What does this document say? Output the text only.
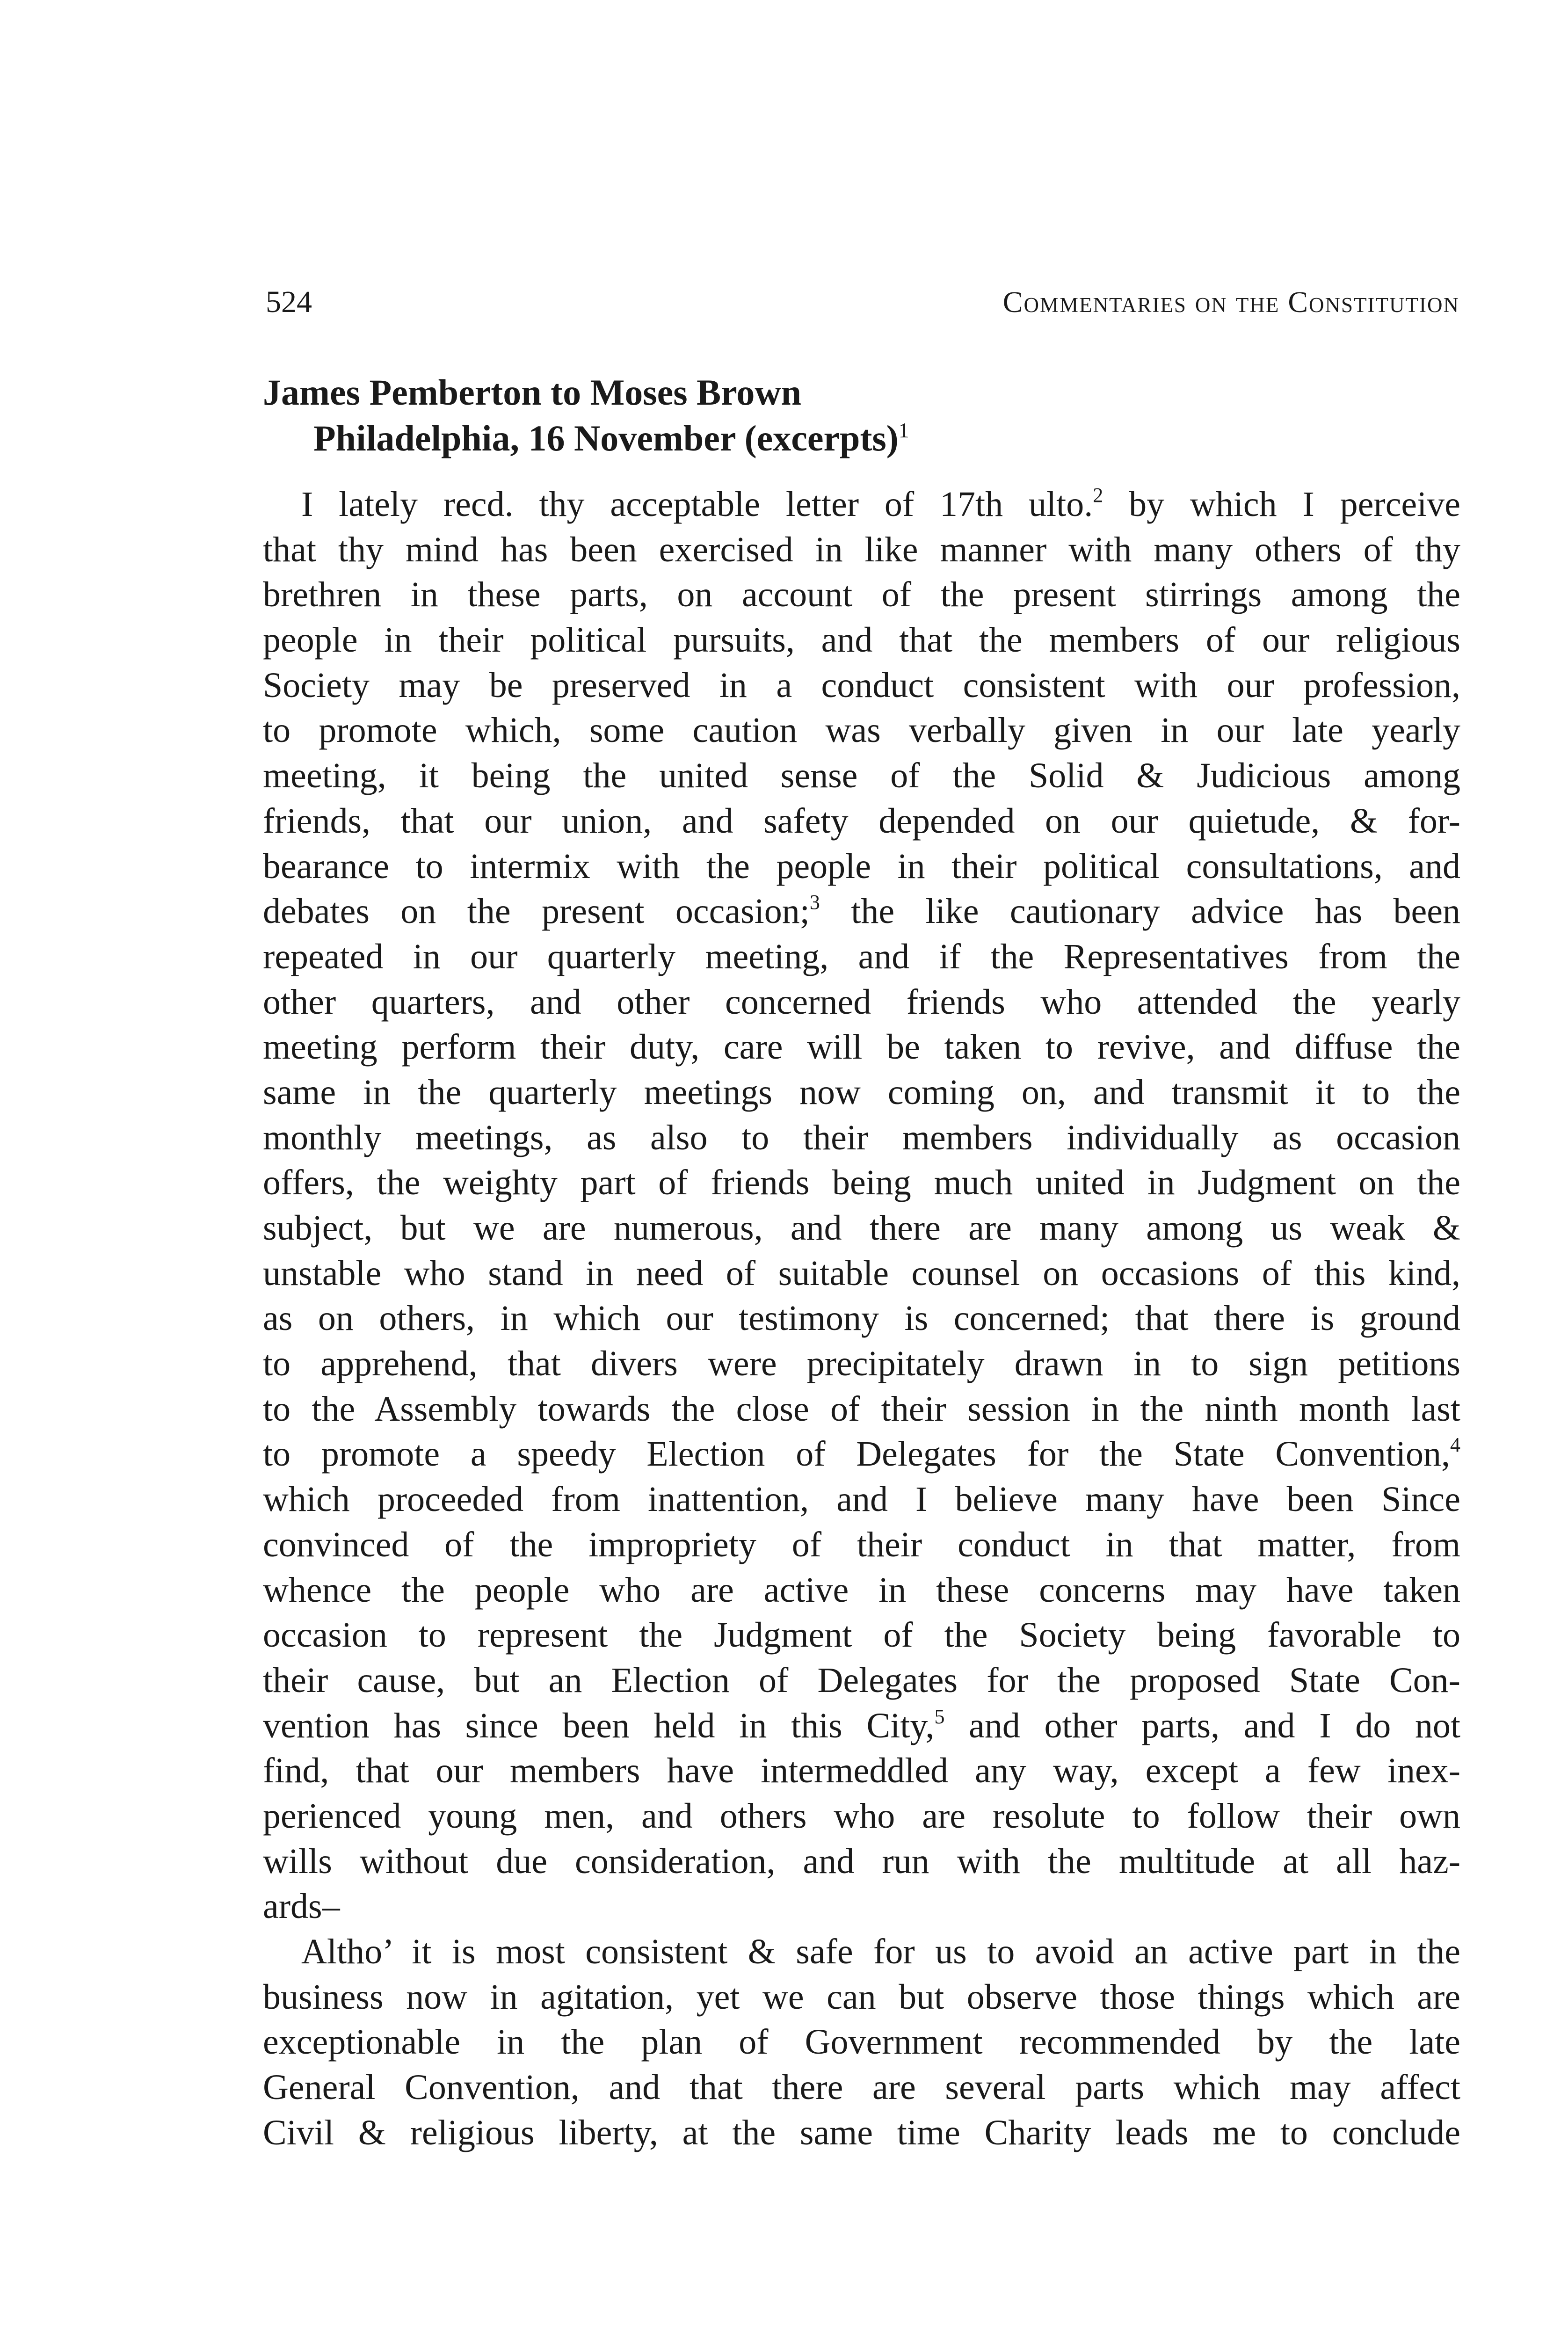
524	Commentaries on the Constitution
James Pemberton to Moses Brown
Philadelphia, 16 November (excerpts)$^1$
I lately recd. thy acceptable letter of 17th ulto.$^2$ by which I perceive
that thy mind has been exercised in like manner with many others of thy
brethren in these parts, on account of the present stirrings among the
people in their political pursuits, and that the members of our religious
Society may be preserved in a conduct consistent with our profession,
to promote which, some caution was verbally given in our late yearly
meeting, it being the united sense of the Solid & Judicious among
friends, that our union, and safety depended on our quietude, & for-
bearance to intermix with the people in their political consultations, and
debates on the present occasion;$^3$ the like cautionary advice has been
repeated in our quarterly meeting, and if the Representatives from the
other quarters, and other concerned friends who attended the yearly
meeting perform their duty, care will be taken to revive, and diffuse the
same in the quarterly meetings now coming on, and transmit it to the
monthly meetings, as also to their members individually as occasion
offers, the weighty part of friends being much united in Judgment on the
subject, but we are numerous, and there are many among us weak &
unstable who stand in need of suitable counsel on occasions of this kind,
as on others, in which our testimony is concerned; that there is ground
to apprehend, that divers were precipitately drawn in to sign petitions
to the Assembly towards the close of their session in the ninth month last
to promote a speedy Election of Delegates for the State Convention,$^4$
which proceeded from inattention, and I believe many have been Since
convinced of the impropriety of their conduct in that matter, from
whence the people who are active in these concerns may have taken
occasion to represent the Judgment of the Society being favorable to
their cause, but an Election of Delegates for the proposed State Con-
vention has since been held in this City,$^5$ and other parts, and I do not
find, that our members have intermeddled any way, except a few inex-
perienced young men, and others who are resolute to follow their own
wills without due consideration, and run with the multitude at all haz-
ards–
Altho’ it is most consistent & safe for us to avoid an active part in the
business now in agitation, yet we can but observe those things which are
exceptionable in the plan of Government recommended by the late
General Convention, and that there are several parts which may affect
Civil & religious liberty, at the same time Charity leads me to conclude
